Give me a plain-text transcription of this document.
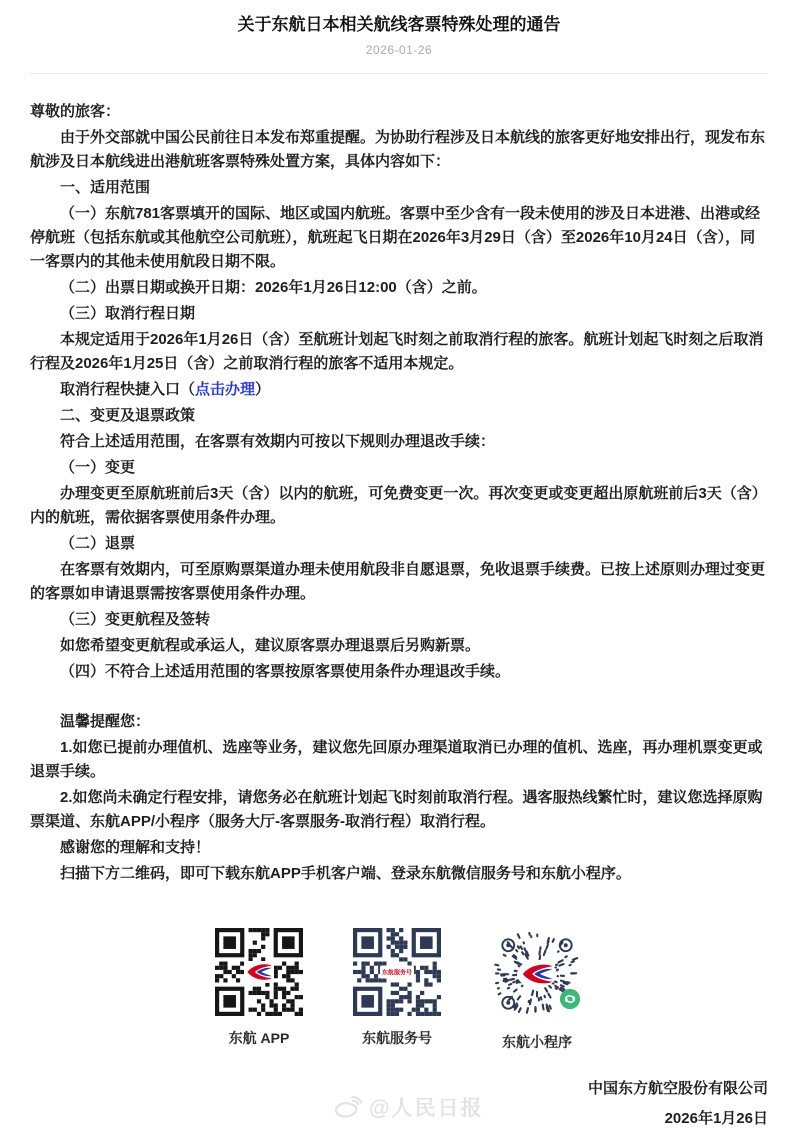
关于东航日本相关航线客票特殊处理的通告
2026-01-26

尊敬的旅客：

由于外交部就中国公民前往日本发布郑重提醒。为协助行程涉及日本航线的旅客更好地安排出行，现发布东航涉及日本航线进出港航班客票特殊处置方案，具体内容如下：

一、适用范围

（一）东航781客票填开的国际、地区或国内航班。客票中至少含有一段未使用的涉及日本进港、出港或经停航班（包括东航或其他航空公司航班），航班起飞日期在2026年3月29日（含）至2026年10月24日（含），同一客票内的其他未使用航段日期不限。

（二）出票日期或换开日期：2026年1月26日12:00（含）之前。

（三）取消行程日期

本规定适用于2026年1月26日（含）至航班计划起飞时刻之前取消行程的旅客。航班计划起飞时刻之后取消行程及2026年1月25日（含）之前取消行程的旅客不适用本规定。

取消行程快捷入口（点击办理）

二、变更及退票政策

符合上述适用范围，在客票有效期内可按以下规则办理退改手续：

（一）变更

办理变更至原航班前后3天（含）以内的航班，可免费变更一次。再次变更或变更超出原航班前后3天（含）内的航班，需依据客票使用条件办理。

（二）退票

在客票有效期内，可至原购票渠道办理未使用航段非自愿退票，免收退票手续费。已按上述原则办理过变更的客票如申请退票需按客票使用条件办理。

（三）变更航程及签转

如您希望变更航程或承运人，建议原客票办理退票后另购新票。

（四）不符合上述适用范围的客票按原客票使用条件办理退改手续。

温馨提醒您：

1.如您已提前办理值机、选座等业务，建议您先回原办理渠道取消已办理的值机、选座，再办理机票变更或退票手续。

2.如您尚未确定行程安排，请您务必在航班计划起飞时刻前取消行程。遇客服热线繁忙时，建议您选择原购票渠道、东航APP/小程序（服务大厅-客票服务-取消行程）取消行程。

感谢您的理解和支持！

扫描下方二维码，即可下载东航APP手机客户端、登录东航微信服务号和东航小程序。

东航 APP
东航服务号
东航服务号	东航小程序
中国东方航空股份有限公司
2026年1月26日
@人民日报
